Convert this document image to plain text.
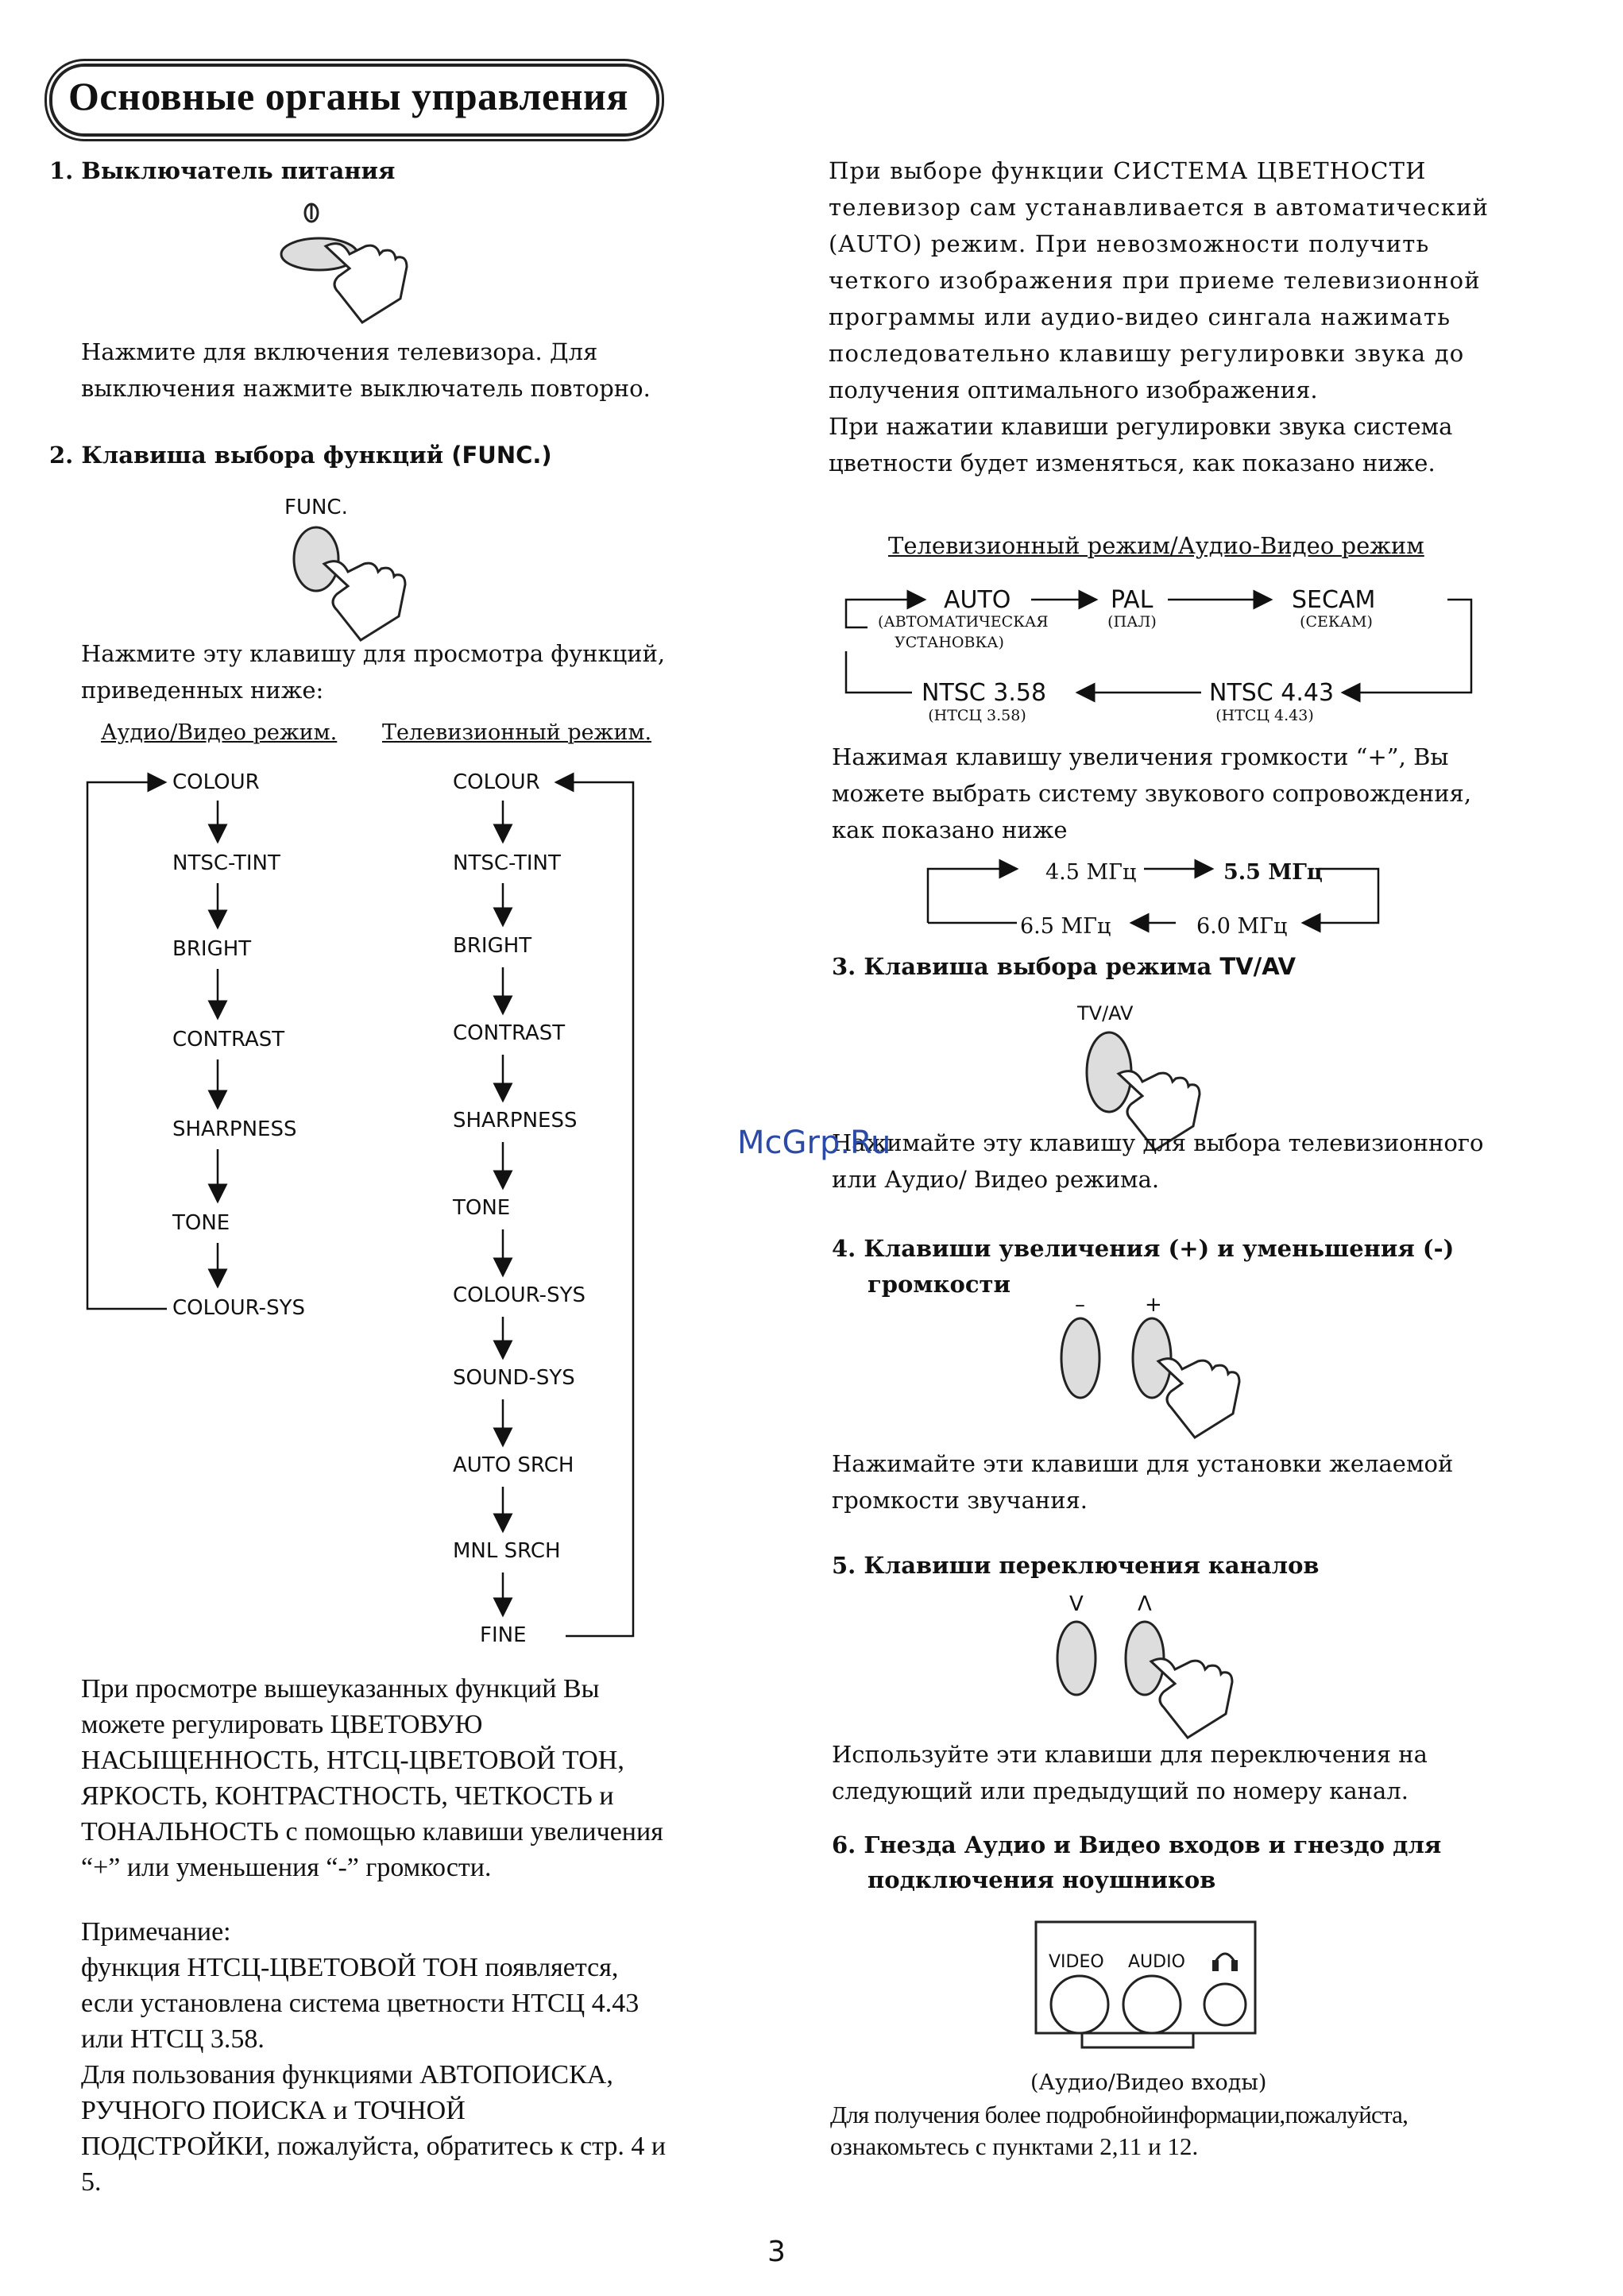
Основные органы управления
1. Выключатель питания
Нажмите для включения телевизора. Для
выключения нажмите выключатель повторно.
2. Клавиша выбора функций (FUNC.)
FUNC.
Нажмите эту клавишу для просмотра функций,
приведенных ниже:
Аудио/Видео режим. Телевизионный режим.
COLOUR
NTSC-TINT
BRIGHT
CONTRAST
SHARPNESS
TONE
COLOUR-SYS
COLOUR
NTSC-TINT
BRIGHT
CONTRAST
SHARPNESS
TONE
COLOUR-SYS
SOUND-SYS
AUTO SRCH
MNL SRCH
FINE
При просмотре вышеуказанных функций Вы
можете регулировать ЦВЕТОВУЮ
НАСЫЩЕННОСТЬ, НТСЦ-ЦВЕТОВОЙ ТОН,
ЯРКОСТЬ, КОНТРАСТНОСТЬ, ЧЕТКОСТЬ и
ТОНАЛЬНОСТЬ с помощью клавиши увеличения
“+” или уменьшения “-” громкости.
Примечание:
функция НТСЦ-ЦВЕТОВОЙ ТОН появляется,
если установлена система цветности НТСЦ 4.43
или НТСЦ 3.58.
Для пользования функциями АВТОПОИСКА,
РУЧНОГО ПОИСКА и ТОЧНОЙ
ПОДСТРОЙКИ, пожалуйста, обратитесь к стр. 4 и
5.
При выборе функции СИСТЕМА ЦВЕТНОСТИ
телевизор сам устанавливается в автоматический
(AUTO) режим. При невозможности получить
четкого изображения при приеме телевизионной
программы или аудио-видео сингала нажимать
последовательно клавишу регулировки звука до
получения оптимального изображения.
При нажатии клавиши регулировки звука система
цветности будет изменяться, как показано ниже.
Телевизионный режим/Аудио-Видео режим
AUTO
(АВТОМАТИЧЕСКАЯ
УСТАНОВКА)
PAL
(ПАЛ)
SECAM
(СЕКАМ)
NTSC 3.58
(НТСЦ 3.58)
NTSC 4.43
(НТСЦ 4.43)
Нажимая клавишу увеличения громкости “+”, Вы
можете выбрать систему звукового сопровождения,
как показано ниже
4.5 МГц	5.5 МГц
6.5 МГц	6.0 МГц
3. Клавиша выбора режима TV/AV
TV/AV
Нажимайте эту клавишу для выбора телевизионного
или Аудио/ Видео режима.
4. Клавиши увеличения (+) и уменьшения (-)
громкости
–	+
Нажимайте эти клавиши для установки желаемой
громкости звучания.
5. Клавиши переключения каналов
V	Λ
Используйте эти клавиши для переключения на
следующий или предыдущий по номеру канал.
6. Гнезда Аудио и Видео входов и гнездо для
подключения ноушников
VIDEO AUDIO
(Аудио/Видео входы)
Для получения более подробнойинформации,пожалуйста,
ознакомьтесь с пунктами 2,11 и 12.
McGrp.Ru
3
